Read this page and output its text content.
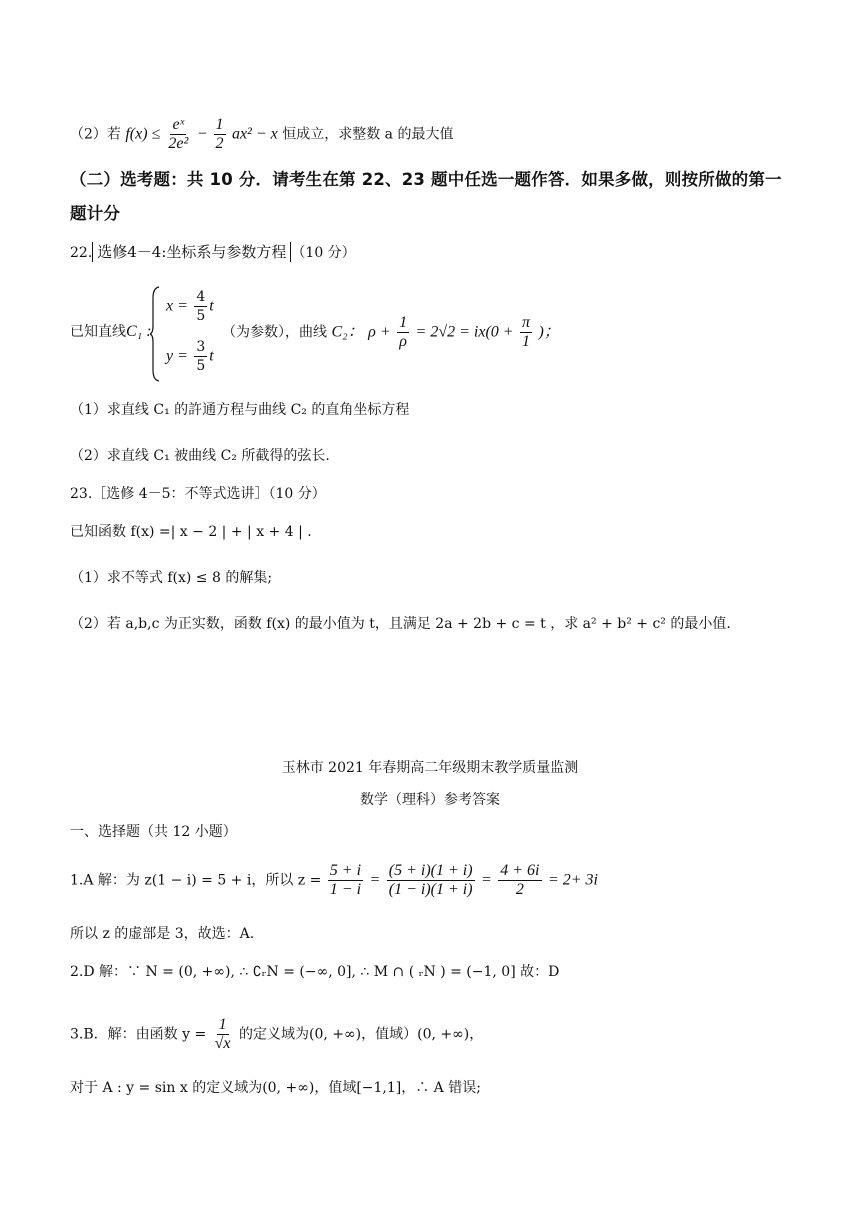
（2）若 $f(x) \le \frac{\text{eˣ}}{\text{2e²}} - \frac{1}{2} ax^2 - x$ 恒成立，求整数 a 的最大值
（二）选考题：共 10 分．请考生在第 22、23 题中任选一题作答．如果多做，则按所做的第一
题计分
22. 选修4－4:坐标系与参数方程 （10 分）
已知直线C₁ :
$x = \frac{4}{5}$ t
$y = \frac{3}{5}$ t
（为参数），曲线 C₂： $\rho + \frac{1}{\rho} = 2√2 = ix(0 + \frac{\pi}{1}$ )；
（1）求直线 C₁ 的許通方程与曲线 C₂ 的直角坐标方程
（2）求直线 C₁ 被曲线 C₂ 所截得的弦长.
23.［选修 4－5：不等式选讲］（10 分）
已知函数 f(x) =| x − 2 | + | x + 4 | .
（1）求不等式 f(x) ≤ 8 的解集;
（2）若 a,b,c 为正实数，函数 f(x) 的最小值为 t，且满足 2a + 2b + c = t ，求 a² + b² + c² 的最小值.
玉林市 2021 年春期高二年级期末教学质量监测
数学（理科）参考答案
一、选择题（共 12 小题）
1.A 解：为 z(1 − i) = 5 + i，所以 $z = \frac{5 + i}{1 - i} = \frac{(5 + i)(1 + i)}{(1 - i)(1 + i)} = \frac{4 + 6i}{2} = 2+ 3i$
所以 z 的虚部是 3，故选：A.
2.D 解：∵ N = (0, +∞), ∴ ∁ᵣN = (−∞, 0], ∴ M ∩ ( ᵣN ) = (−1, 0] 故：D
3.B．解：由函数 $y = \frac{1}{√x}$ 的定义域为(0, +∞)，值域）(0, +∞)，
对于 A : y = sin x 的定义域为(0, +∞)，值域[−1,1]，∴ A 错误;
